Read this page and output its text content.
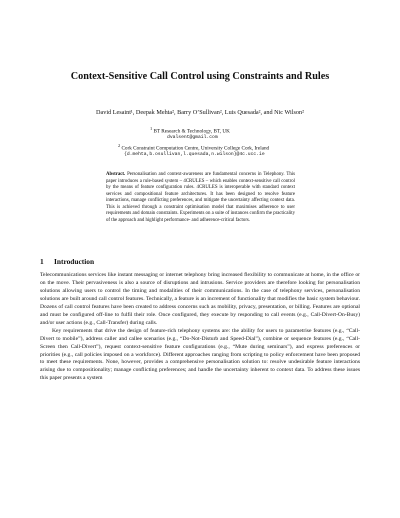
Context-Sensitive Call Control using Constraints and Rules
David Lesaint¹, Deepak Mehta², Barry O’Sullivan², Luis Quesada², and Nic Wilson²
$^1$ BT Research & Technology, BT, UK
dvalsent@gmail.com
$^2$ Cork Constraint Computation Centre, University College Cork, Ireland
{d.mehta,b.osullivan,l.quesada,n.wilson}@4c.ucc.ie
Abstract. Personalisation and context-awareness are fundamental concerns in Telephony. This paper introduces a rule-based system – 4CRULES – which enables context-sensitive call control by the means of feature configuration rules. 4CRULES is interoperable with standard context services and compositional feature architectures. It has been designed to resolve feature interactions, manage conflicting preferences, and mitigate the uncertainty affecting context data. This is achieved through a constraint optimisation model that maximises adherence to user requirements and domain constraints. Experiments on a suite of instances confirm the practicality of the approach and highlight performance- and adherence-critical factors.
1 Introduction

Telecommunications services like instant messaging or internet telephony bring increased flexibility to communicate at home, in the office or on the move. Their pervasiveness is also a source of disruptions and intrusions. Service providers are therefore looking for personalisation solutions allowing users to control the timing and modalities of their communications. In the case of telephony services, personalisation solutions are built around call control features. Technically, a feature is an increment of functionality that modifies the basic system behaviour. Dozens of call control features have been created to address concerns such as mobility, privacy, presentation, or billing. Features are optional and must be configured off-line to fulfil their role. Once configured, they execute by responding to call events (e.g., Call-Divert-On-Busy) and/or user actions (e.g., Call-Transfer) during calls.

Key requirements that drive the design of feature-rich telephony systems are: the ability for users to parametrise features (e.g., “Call-Divert to mobile”), address caller and callee scenarios (e.g., “Do-Not-Disturb and Speed-Dial”), combine or sequence features (e.g., “Call-Screen then Call-Divert”), request context-sensitive feature configurations (e.g., “Mute during seminars”), and express preferences or priorities (e.g., call policies imposed on a workforce). Different approaches ranging from scripting to policy enforcement have been proposed to meet these requirements. None, however, provides a comprehensive personalisation solution to: resolve undesirable feature interactions arising due to compositionality; manage conflicting preferences; and handle the uncertainty inherent to context data. To address these issues this paper presents a system
